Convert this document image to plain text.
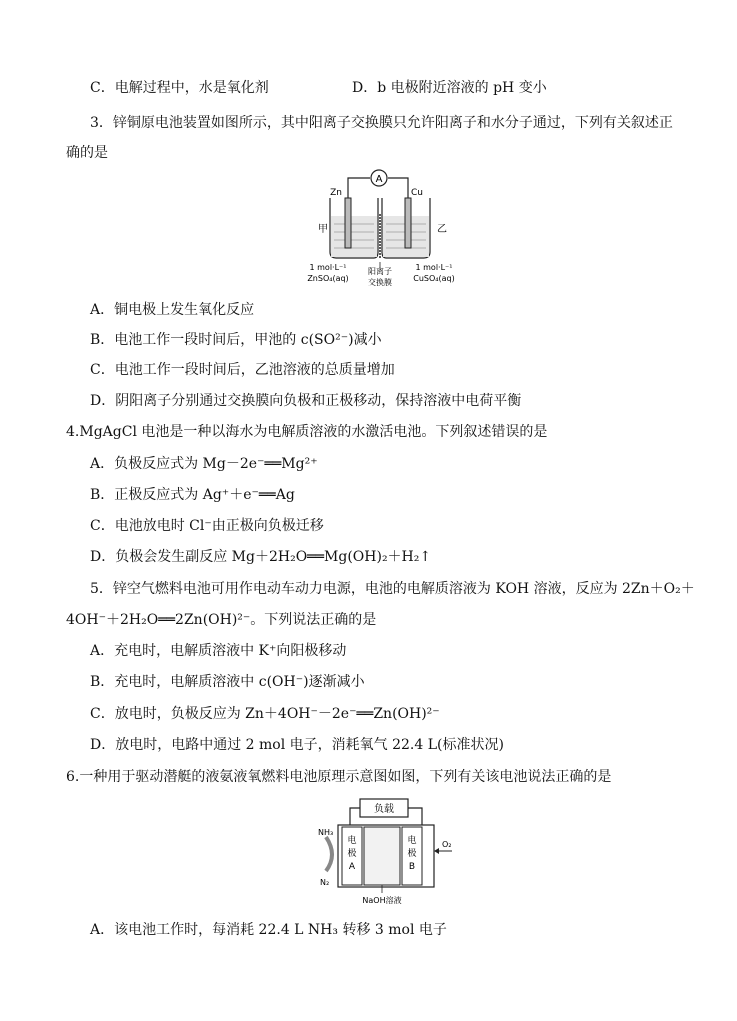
C．电解过程中，水是氧化剂	D．b 电极附近溶液的 pH 变小
3．锌铜原电池装置如图所示，其中阳离子交换膜只允许阳离子和水分子通过，下列有关叙述正
确的是
A
Zn	Cu
甲	乙
1 mol·L⁻¹
ZnSO₄(aq)
阳离子
交换膜
1 mol·L⁻¹
CuSO₄(aq)
A．铜电极上发生氧化反应
B．电池工作一段时间后，甲池的 c(SO²⁻)减小
C．电池工作一段时间后，乙池溶液的总质量增加
D．阴阳离子分别通过交换膜向负极和正极移动，保持溶液中电荷平衡
4.MgAgCl 电池是一种以海水为电解质溶液的水激活电池。下列叙述错误的是
A．负极反应式为 Mg－2e⁻══Mg²⁺
B．正极反应式为 Ag⁺＋e⁻══Ag
C．电池放电时 Cl⁻由正极向负极迁移
D．负极会发生副反应 Mg＋2H₂O══Mg(OH)₂＋H₂↑
5．锌空气燃料电池可用作电动车动力电源，电池的电解质溶液为 KOH 溶液，反应为 2Zn＋O₂＋
4OH⁻＋2H₂O══2Zn(OH)²⁻。下列说法正确的是
A．充电时，电解质溶液中 K⁺向阳极移动
B．充电时，电解质溶液中 c(OH⁻)逐渐减小
C．放电时，负极反应为 Zn＋4OH⁻－2e⁻══Zn(OH)²⁻
D．放电时，电路中通过 2 mol 电子，消耗氧气 22.4 L(标准状况)
6.一种用于驱动潜艇的液氨液氧燃料电池原理示意图如图，下列有关该电池说法正确的是
负载
电
极
A
电
极
B
NH₃
N₂
O₂
NaOH溶液
A．该电池工作时，每消耗 22.4 L NH₃ 转移 3 mol 电子
